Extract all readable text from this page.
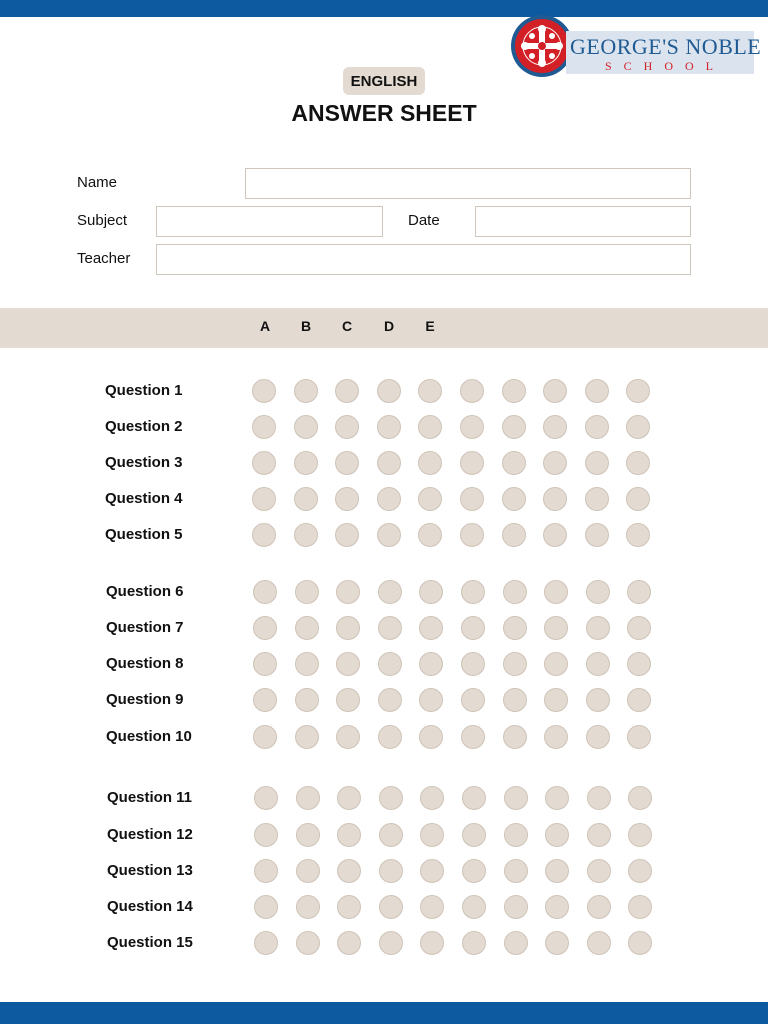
GEORGE'S NOBLE
SCHOOL
ENGLISH
ANSWER SHEET
Name
Subject	Date
Teacher
A	B	C	D	E
Question 1
Question 2
Question 3
Question 4
Question 5
Question 6
Question 7
Question 8
Question 9
Question 10
Question 11
Question 12
Question 13
Question 14
Question 15
